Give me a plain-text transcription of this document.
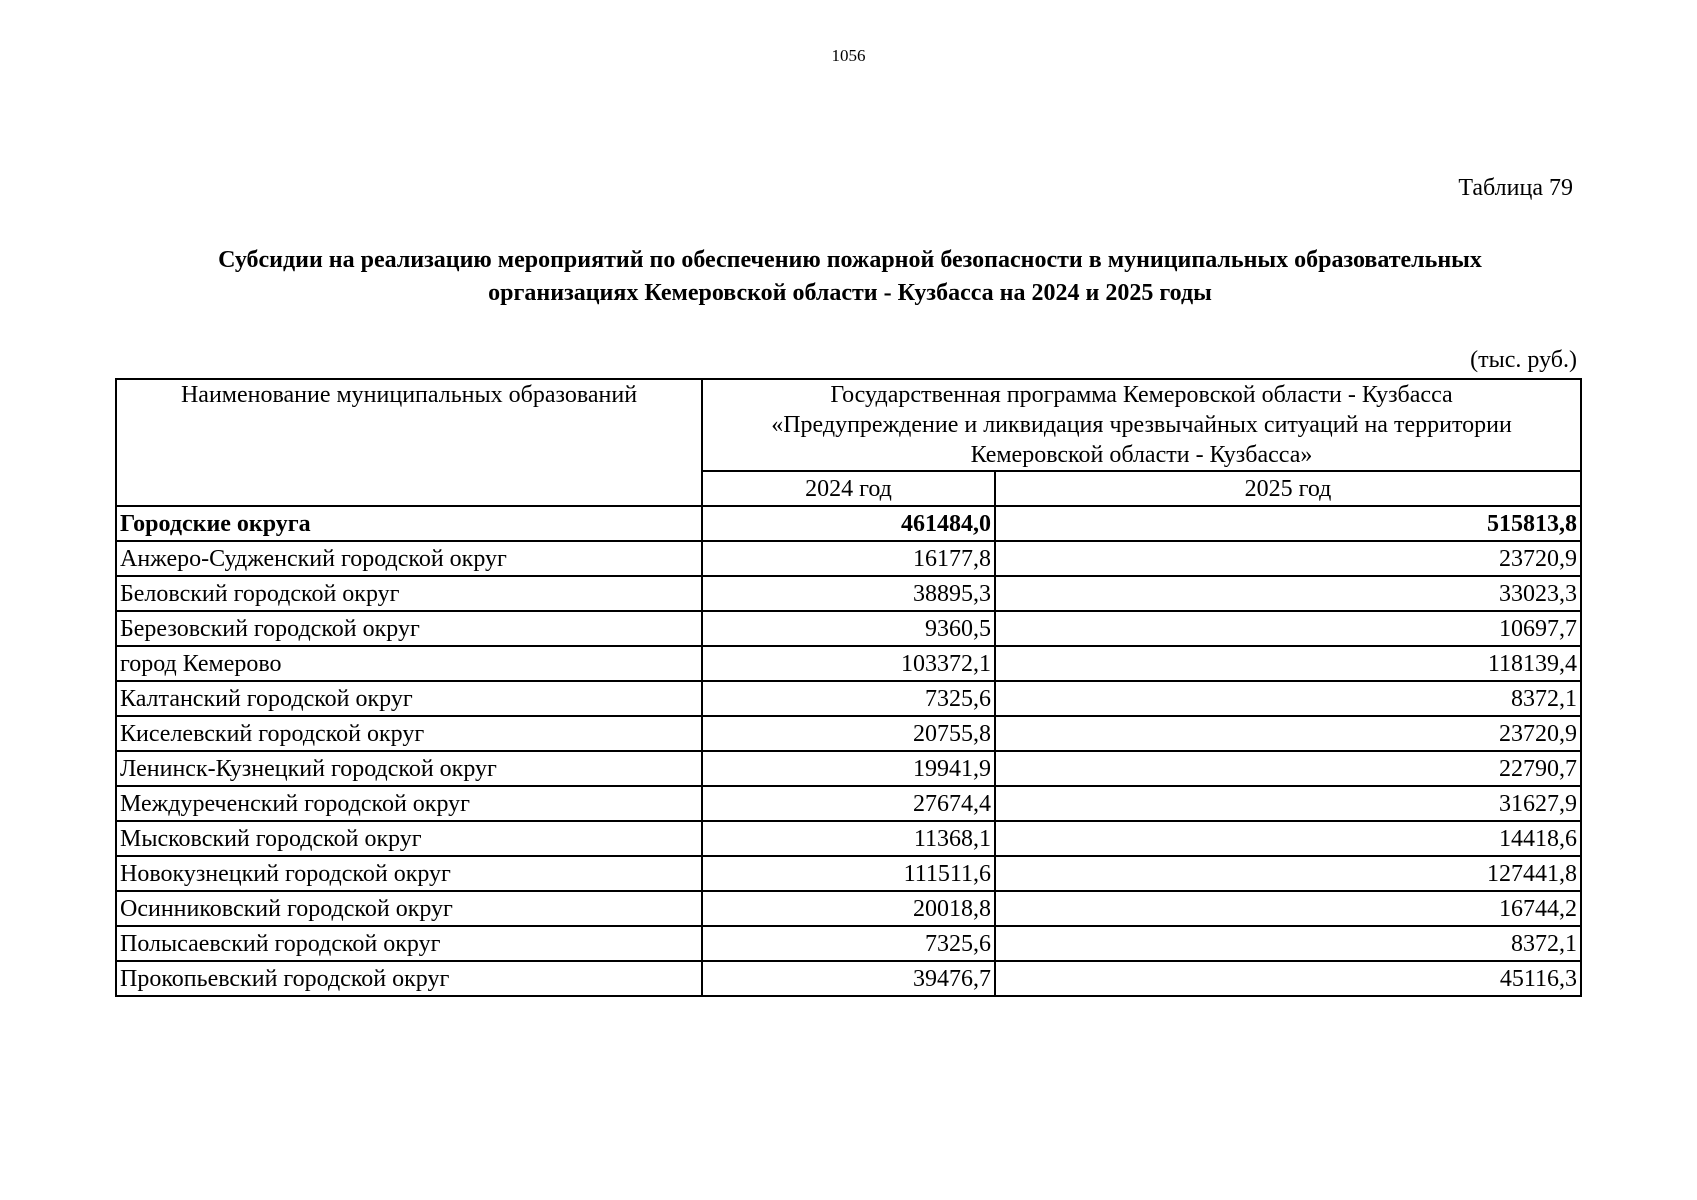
1056
Таблица 79
Субсидии на реализацию мероприятий по обеспечению пожарной безопасности в муниципальных образовательных
организациях Кемеровской области - Кузбасса на 2024 и 2025 годы
(тыс. руб.)
Наименование муниципальных образований	Государственная программа Кемеровской области - Кузбасса
«Предупреждение и ликвидация чрезвычайных ситуаций на территории
Кемеровской области - Кузбасса»	

	2024 год	2025 год
Городские округа	461484,0	515813,8
Анжеро-Судженский городской округ	16177,8	23720,9
Беловский городской округ	38895,3	33023,3
Березовский городской округ	9360,5	10697,7
город Кемерово	103372,1	118139,4
Калтанский городской округ	7325,6	8372,1
Киселевский городской округ	20755,8	23720,9
Ленинск-Кузнецкий городской округ	19941,9	22790,7
Междуреченский городской округ	27674,4	31627,9
Мысковский городской округ	11368,1	14418,6
Новокузнецкий городской округ	111511,6	127441,8
Осинниковский городской округ	20018,8	16744,2
Полысаевский городской округ	7325,6	8372,1
Прокопьевский городской округ	39476,7	45116,3
